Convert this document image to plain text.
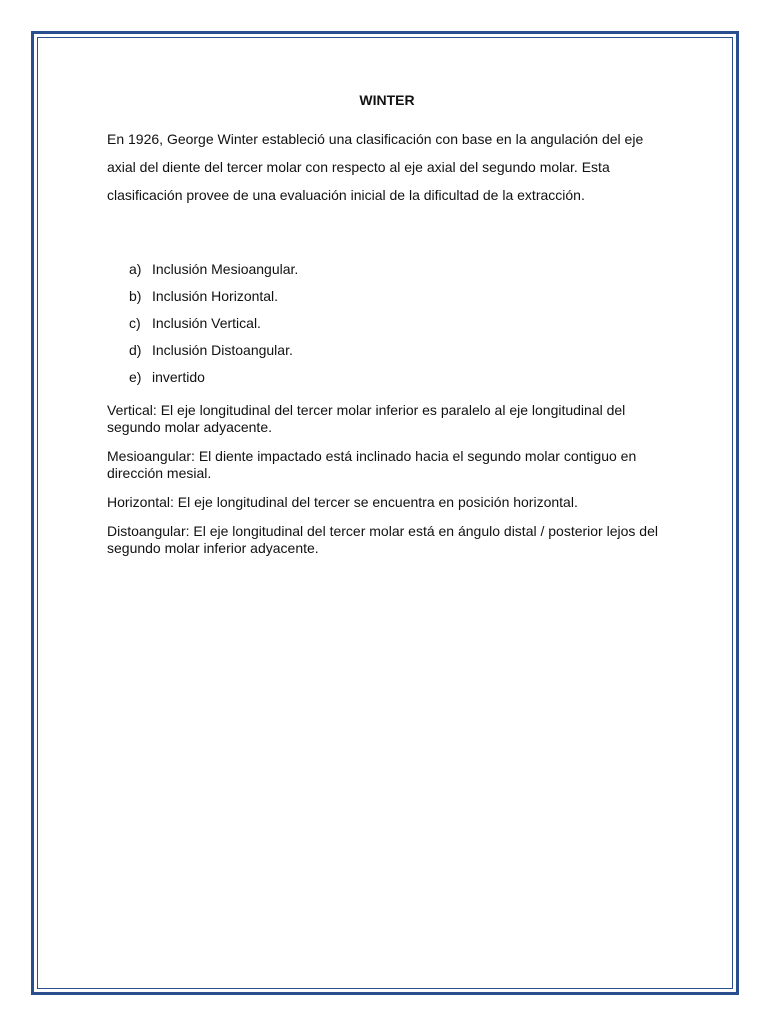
WINTER

En 1926, George Winter estableció una clasificación con base en la angulación del eje axial del diente del tercer molar con respecto al eje axial del segundo molar. Esta clasificación provee de una evaluación inicial de la dificultad de la extracción.

a) Inclusión Mesioangular.
b) Inclusión Horizontal.
c) Inclusión Vertical.
d) Inclusión Distoangular.
e) invertido

Vertical: El eje longitudinal del tercer molar inferior es paralelo al eje longitudinal del segundo molar adyacente.

Mesioangular: El diente impactado está inclinado hacia el segundo molar contiguo en dirección mesial.

Horizontal: El eje longitudinal del tercer se encuentra en posición horizontal.

Distoangular: El eje longitudinal del tercer molar está en ángulo distal / posterior lejos del segundo molar inferior adyacente.
